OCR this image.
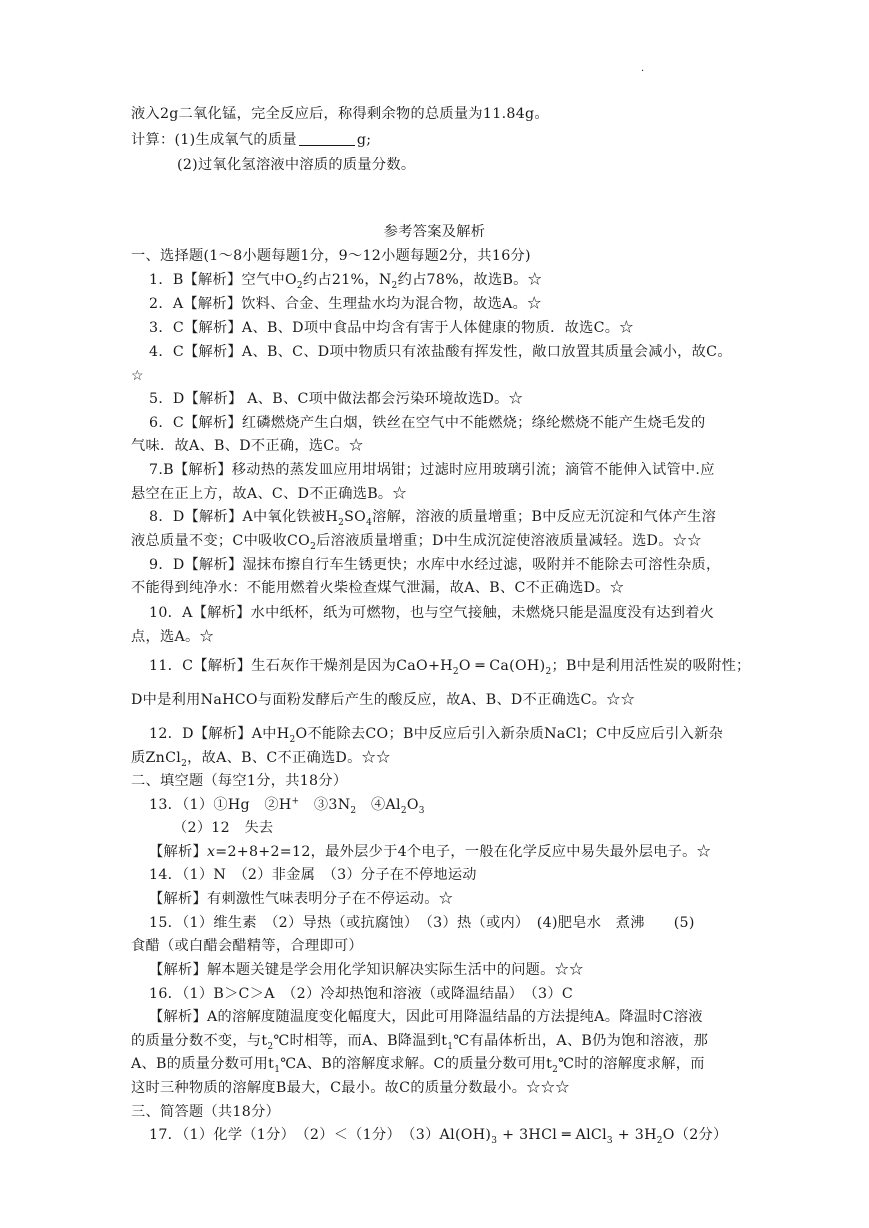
·
液入2g二氧化锰，完全反应后，称得剩余物的总质量为11.84g。
计算：(1)生成氧气的质量	g;
(2)过氧化氢溶液中溶质的质量分数。
参考答案及解析
一、选择题(1～8小题每题1分，9～12小题每题2分，共16分)
1．B【解析】空气中$O_2$约占21%，$N_2$约占78%，故选B。☆
2．A【解析】饮料、合金、生理盐水均为混合物，故选A。☆
3．C【解析】A、B、D项中食品中均含有害于人体健康的物质．故选C。☆
4．C【解析】A、B、C、D项中物质只有浓盐酸有挥发性，敞口放置其质量会减小，故C。
☆
5．D【解析】 A、B、C项中做法都会污染环境故选D。☆
6．C【解析】红磷燃烧产生白烟，铁丝在空气中不能燃烧；绦纶燃烧不能产生烧毛发的
气味．故A、B、D不正确，选C。☆
7.B【解析】移动热的蒸发皿应用坩埚钳；过滤时应用玻璃引流；滴管不能伸入试管中.应
悬空在正上方，故A、C、D不正确选B。☆
8．D【解析】A中氧化铁被$H_2SO_4$溶解，溶液的质量增重；B中反应无沉淀和气体产生溶
液总质量不变；C中吸收$CO_2$后溶液质量增重；D中生成沉淀使溶液质量减轻。选D。☆☆
9．D【解析】湿抹布擦自行车生锈更快；水库中水经过滤，吸附并不能除去可溶性杂质，
不能得到纯净水：不能用燃着火柴检查煤气泄漏，故A、B、C不正确选D。☆
10．A【解析】水中纸杯，纸为可燃物，也与空气接触，未燃烧只能是温度没有达到着火
点，选A。☆
11．C【解析】生石灰作干燥剂是因为$CaO+H_2O$ ═ $Ca(OH)_2$；B中是利用活性炭的吸附性；
D中是利用NaHCO与面粉发酵后产生的酸反应，故A、B、D不正确选C。☆☆
12．D【解析】A中$H_2O$不能除去CO；B中反应后引入新杂质NaCl；C中反应后引入新杂
质ZnCl$_2$，故A、B、C不正确选D。☆☆
二、填空题（每空1分，共18分）
13．（1）①Hg　②H+　$③3N_2$　$④Al_2O_3$
（2）12　失去
【解析】x=2+8+2=12，最外层少于4个电子，一般在化学反应中易失最外层电子。☆
14．（1）N　（2）非金属　（3）分子在不停地运动
【解析】有刺激性气味表明分子在不停运动。☆
15．（1）维生素　（2）导热（或抗腐蚀）　（3）热（或内）　(4)肥皂水　煮沸　　(5)
食醋（或白醋会醋精等，合理即可）
【解析】解本题关键是学会用化学知识解决实际生活中的问题。☆☆
16．（1）B＞C＞A　（2）冷却热饱和溶液（或降温结晶）　（3）C
【解析】A的溶解度随温度变化幅度大，因此可用降温结晶的方法提纯A。降温时C溶液
的质量分数不变，与$t_2℃$时相等，而A、B降温到$t_1℃$有晶体析出，A、B仍为饱和溶液，那
A、B的质量分数可用$t_1℃A$、B的溶解度求解。C的质量分数可用$t_2℃$时的溶解度求解，而
这时三种物质的溶解度B最大，C最小。故C的质量分数最小。☆☆☆
三、简答题（共18分）
17．（1）化学（1分）　（2）＜（1分）　$(3)Al(OH)_3 + 3HCl$ ═ AlCl$_3$ + $3H_2O(2$分）
